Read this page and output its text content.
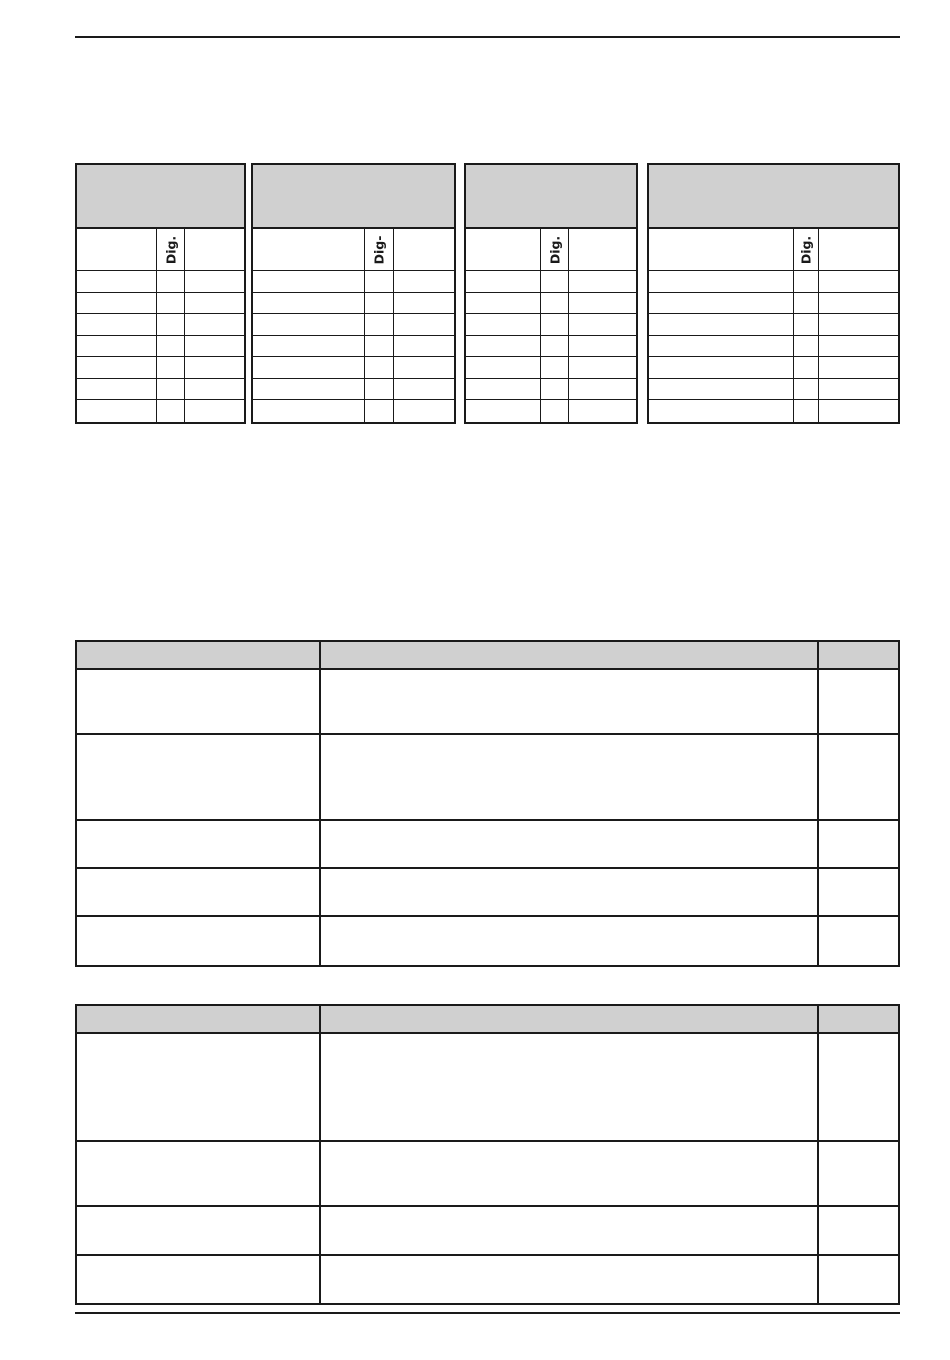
Dig.	Dig-	Dig.	Dig.
